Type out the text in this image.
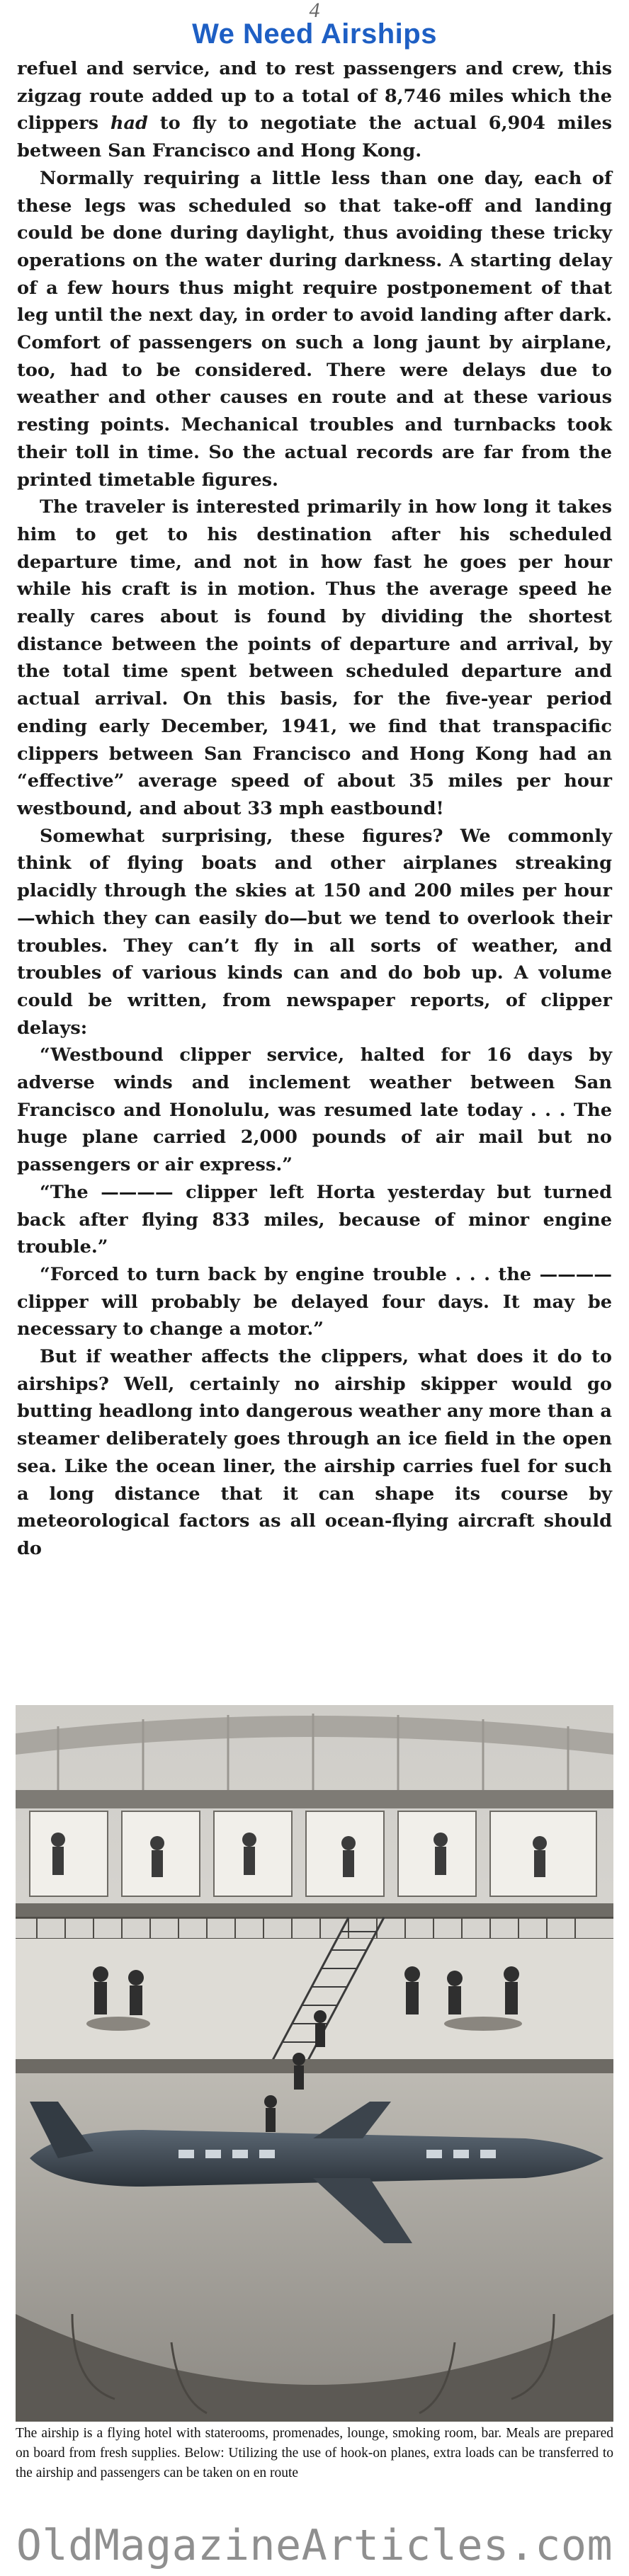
4
We Need Airships

refuel and service, and to rest passengers and crew, this zigzag route added up to a total of 8,746 miles which the clippers had to fly to negotiate the actual 6,904 miles between San Francisco and Hong Kong.

Normally requiring a little less than one day, each of these legs was scheduled so that take-off and landing could be done during daylight, thus avoiding these tricky operations on the water during darkness. A starting delay of a few hours thus might require postponement of that leg until the next day, in order to avoid landing after dark. Comfort of passengers on such a long jaunt by airplane, too, had to be considered. There were delays due to weather and other causes en route and at these various resting points. Mechanical troubles and turnbacks took their toll in time. So the actual records are far from the printed timetable figures.

The traveler is interested primarily in how long it takes him to get to his destination after his scheduled departure time, and not in how fast he goes per hour while his craft is in motion. Thus the average speed he really cares about is found by dividing the shortest distance between the points of departure and arrival, by the total time spent between scheduled departure and actual arrival. On this basis, for the five-year period ending early December, 1941, we find that transpacific clippers between San Francisco and Hong Kong had an “effective” average speed of about 35 miles per hour westbound, and about 33 mph eastbound!

Somewhat surprising, these figures? We commonly think of flying boats and other airplanes streaking placidly through the skies at 150 and 200 miles per hour—which they can easily do—but we tend to overlook their troubles. They can’t fly in all sorts of weather, and troubles of various kinds can and do bob up. A volume could be written, from newspaper reports, of clipper delays:

“Westbound clipper service, halted for 16 days by adverse winds and inclement weather between San Francisco and Honolulu, was resumed late today . . . The huge plane carried 2,000 pounds of air mail but no passengers or air express.”

“The ———— clipper left Horta yesterday but turned back after flying 833 miles, because of minor engine trouble.”

“Forced to turn back by engine trouble . . . the ———— clipper will probably be delayed four days. It may be necessary to change a motor.”

But if weather affects the clippers, what does it do to airships? Well, certainly no airship skipper would go butting headlong into dangerous weather any more than a steamer deliberately goes through an ice field in the open sea. Like the ocean liner, the airship carries fuel for such a long distance that it can shape its course by meteorological factors as all ocean-flying aircraft should do

The airship is a flying hotel with staterooms, promenades, lounge, smoking room, bar. Meals are prepared on board from fresh supplies. Below: Utilizing the use of hook-on planes, extra loads can be transferred to the airship and passengers can be taken on en route
OldMagazineArticles.com
